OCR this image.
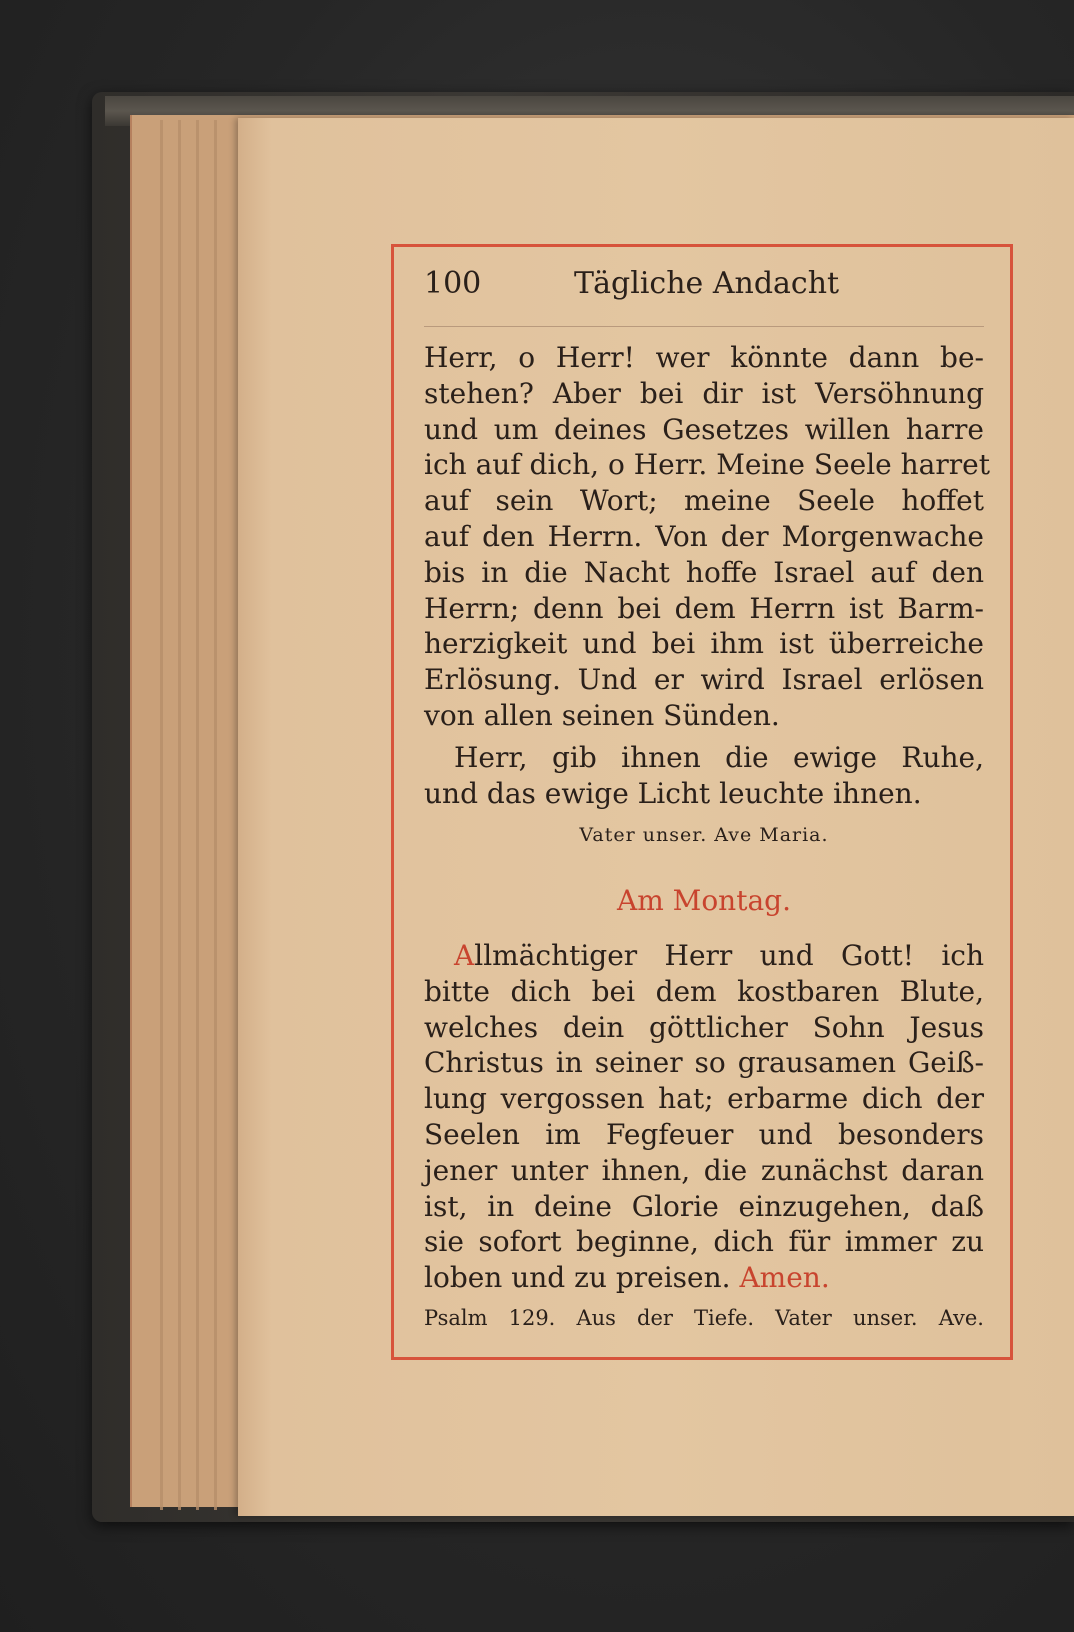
100	Tägliche Andacht
Herr, o Herr! wer könnte dann be-
stehen? Aber bei dir ist Versöhnung
und um deines Gesetzes willen harre
ich auf dich, o Herr. Meine Seele harret
auf sein Wort; meine Seele hoffet
auf den Herrn. Von der Morgenwache
bis in die Nacht hoffe Israel auf den
Herrn; denn bei dem Herrn ist Barm-
herzigkeit und bei ihm ist überreiche
Erlösung. Und er wird Israel erlösen
von allen seinen Sünden.
Herr, gib ihnen die ewige Ruhe,
und das ewige Licht leuchte ihnen.
Vater unser. Ave Maria.
Am Montag.
Allmächtiger Herr und Gott! ich
bitte dich bei dem kostbaren Blute,
welches dein göttlicher Sohn Jesus
Christus in seiner so grausamen Geiß-
lung vergossen hat; erbarme dich der
Seelen im Fegfeuer und besonders
jener unter ihnen, die zunächst daran
ist, in deine Glorie einzugehen, daß
sie sofort beginne, dich für immer zu
loben und zu preisen. Amen.
Psalm 129. Aus der Tiefe. Vater unser. Ave.
